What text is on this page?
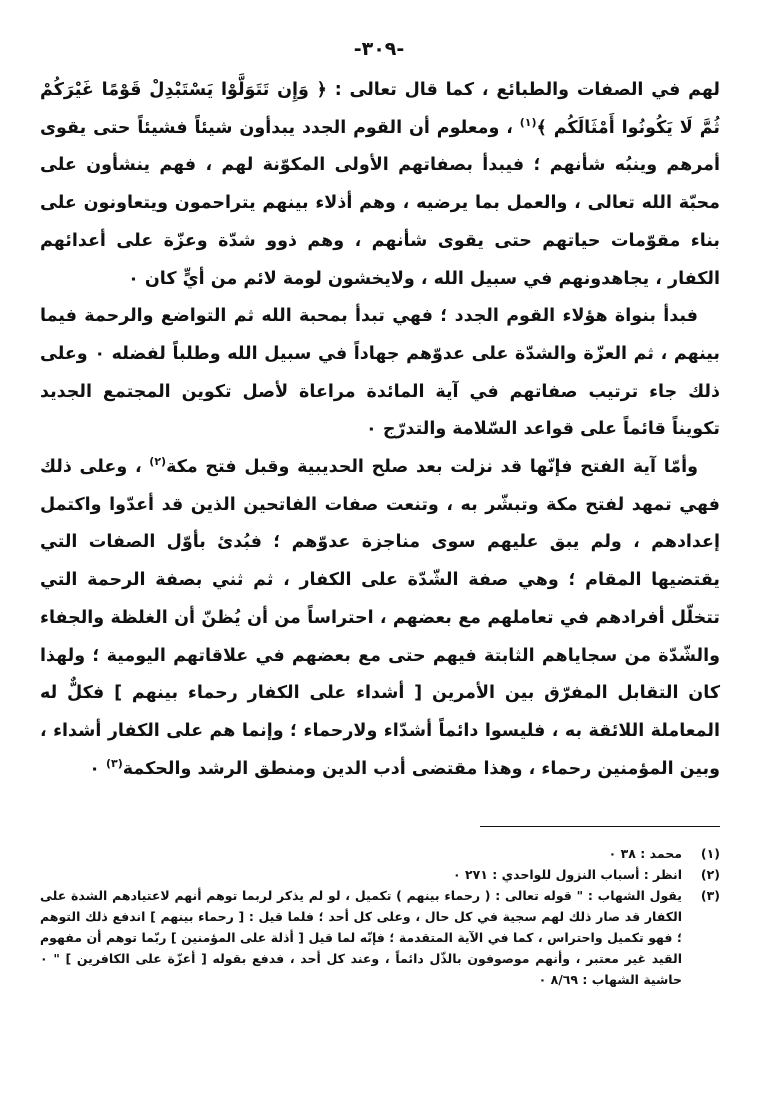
-٣٠٩-

لهم في الصفات والطبائع ، كما قال تعالى : ﴿ وَإِن تَتَوَلَّوْا يَسْتَبْدِلْ قَوْمًا غَيْرَكُمْ ثُمَّ لَا يَكُونُوا أَمْثَالَكُم ﴾$^{(١)}$ ، ومعلوم أن القوم الجدد يبدأون شيئاً فشيئاً حتى يقوى أمرهم وينبُه شأنهم ؛ فيبدأ بصفاتهم الأولى المكوّنة لهم ، فهم ينشأون على محبّة الله تعالى ، والعمل بما يرضيه ، وهم أذلاء بينهم يتراحمون ويتعاونون على بناء مقوّمات حياتهم حتى يقوى شأنهم ، وهم ذوو شدّة وعزّة على أعدائهم الكفار ، يجاهدونهم في سبيل الله ، ولايخشون لومة لائم من أيٍّ كان ٠

فبدأ بنواة هؤلاء القوم الجدد ؛ فهي تبدأ بمحبة الله ثم التواضع والرحمة فيما بينهم ، ثم العزّة والشدّة على عدوّهم جهاداً في سبيل الله وطلباً لفضله ٠ وعلى ذلك جاء ترتيب صفاتهم في آية المائدة مراعاة لأصل تكوين المجتمع الجديد تكويناً قائماً على قواعد السّلامة والتدرّج ٠

وأمّا آية الفتح فإنّها قد نزلت بعد صلح الحديبية وقبل فتح مكة$^{(٢)}$ ، وعلى ذلك فهي تمهد لفتح مكة وتبشّر به ، وتنعت صفات الفاتحين الذين قد أعدّوا واكتمل إعدادهم ، ولم يبق عليهم سوى مناجزة عدوّهم ؛ فبُدئ بأوّل الصفات التي يقتضيها المقام ؛ وهي صفة الشّدّة على الكفار ، ثم ثني بصفة الرحمة التي تتخلّل أفرادهم في تعاملهم مع بعضهم ، احتراساً من أن يُظنّ أن الغلظة والجفاء والشّدّة من سجاياهم الثابتة فيهم حتى مع بعضهم في علاقاتهم اليومية ؛ ولهذا كان التقابل المفرّق بين الأمرين [ أشداء على الكفار رحماء بينهم ] فكلٌّ له المعاملة اللائقة به ، فليسوا دائماً أشدّاء ولارحماء ؛ وإنما هم على الكفار أشداء ، وبين المؤمنين رحماء ، وهذا مقتضى أدب الدين ومنطق الرشد والحكمة$^{(٣)}$ ٠

(١)
محمد : ٣٨ ٠
(٢)
انظر : أسباب النزول للواحدي : ٢٧١ ٠
(٣)
يقول الشهاب : " قوله تعالى : ( رحماء بينهم ) تكميل ، لو لم يذكر لربما توهم أنهم لاعتيادهم الشدة على الكفار قد صار ذلك لهم سجية في كل حال ، وعلى كل أحد ؛ فلما قيل : [ رحماء بينهم ] اندفع ذلك التوهم ؛ فهو تكميل واحتراس ، كما في الآية المتقدمة ؛ فإنّه لما قيل [ أذلة على المؤمنين ] ربّما توهم أن مفهوم القيد غير معتبر ، وأنهم موصوفون بالذّل دائماً ، وعند كل أحد ، فدفع بقوله [ أعزّة على الكافرين ] " ٠ حاشية الشهاب : ٨/٦٩ ٠
